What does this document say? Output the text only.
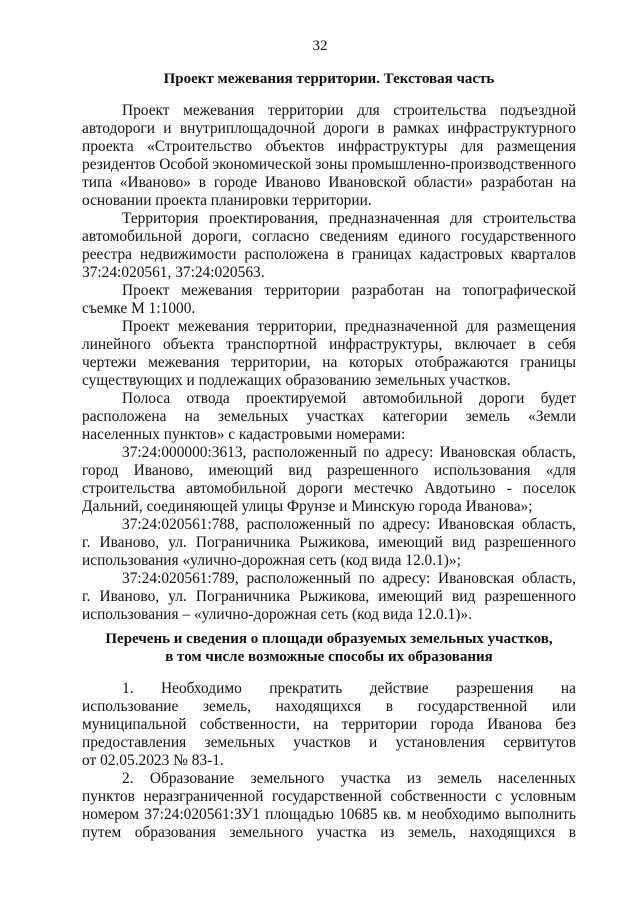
32
Проект межевания территории. Текстовая часть
Проект межевания территории для строительства подъездной
автодороги и внутриплощадочной дороги в рамках инфраструктурного
проекта «Строительство объектов инфраструктуры для размещения
резидентов Особой экономической зоны промышленно-производственного
типа «Иваново» в городе Иваново Ивановской области» разработан на
основании проекта планировки территории.
Территория проектирования, предназначенная для строительства
автомобильной дороги, согласно сведениям единого государственного
реестра недвижимости расположена в границах кадастровых кварталов
37:24:020561, 37:24:020563.
Проект межевания территории разработан на топографической
съемке М 1:1000.
Проект межевания территории, предназначенной для размещения
линейного объекта транспортной инфраструктуры, включает в себя
чертежи межевания территории, на которых отображаются границы
существующих и подлежащих образованию земельных участков.
Полоса отвода проектируемой автомобильной дороги будет
расположена на земельных участках категории земель «Земли
населенных пунктов» с кадастровыми номерами:
37:24:000000:3613, расположенный по адресу: Ивановская область,
город Иваново, имеющий вид разрешенного использования «для
строительства автомобильной дороги местечко Авдотьино - поселок
Дальний, соединяющей улицы Фрунзе и Минскую города Иванова»;
37:24:020561:788, расположенный по адресу: Ивановская область,
г. Иваново, ул. Пограничника Рыжикова, имеющий вид разрешенного
использования «улично-дорожная сеть (код вида 12.0.1)»;
37:24:020561:789, расположенный по адресу: Ивановская область,
г. Иваново, ул. Пограничника Рыжикова, имеющий вид разрешенного
использования – «улично-дорожная сеть (код вида 12.0.1)».
Перечень и сведения о площади образуемых земельных участков,
в том числе возможные способы их образования
1. Необходимо прекратить действие разрешения на
использование земель, находящихся в государственной или
муниципальной собственности, на территории города Иванова без
предоставления земельных участков и установления сервитутов
от 02.05.2023 № 83-1.
2. Образование земельного участка из земель населенных
пунктов неразграниченной государственной собственности с условным
номером 37:24:020561:ЗУ1 площадью 10685 кв. м необходимо выполнить
путем образования земельного участка из земель, находящихся в
